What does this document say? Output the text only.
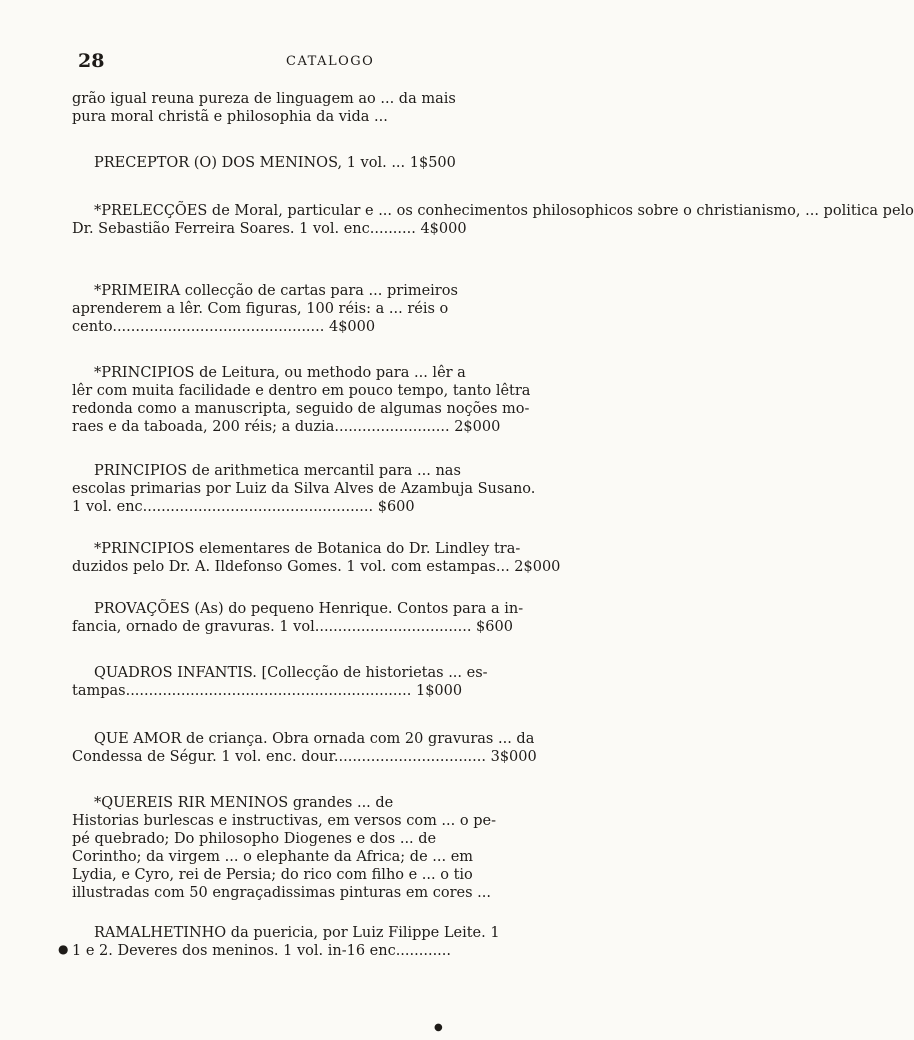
28	CATALOGO
grão igual reuna pureza de linguagem ao ... da mais
pura moral christã e philosophia da vida ...
PRECEPTOR (O) DOS MENINOS, 1 vol. ... 1$500
*PRELECÇÕES de Moral, particular e ... os conhecimentos philosophicos sobre o christianismo, ... politica pelo
Dr. Sebastião Ferreira Soares. 1 vol. enc.......... 4$000
*PRIMEIRA collecção de cartas para ... primeiros
aprenderem a lêr. Com figuras, 100 réis: a ... réis o
cento.............................................. 4$000
*PRINCIPIOS de Leitura, ou methodo para ... lêr a
lêr com muita facilidade e dentro em pouco tempo, tanto lêtra
redonda como a manuscripta, seguido de algumas noções mo-
raes e da taboada, 200 réis; a duzia......................... 2$000
PRINCIPIOS de arithmetica mercantil para ... nas
escolas primarias por Luiz da Silva Alves de Azambuja Susano.
1 vol. enc.................................................. $600
*PRINCIPIOS elementares de Botanica do Dr. Lindley tra-
duzidos pelo Dr. A. Ildefonso Gomes. 1 vol. com estampas... 2$000
PROVAÇÕES (As) do pequeno Henrique. Contos para a in-
fancia, ornado de gravuras. 1 vol.................................. $600
QUADROS INFANTIS. [Collecção de historietas ... es-
tampas.............................................................. 1$000
QUE AMOR de criança. Obra ornada com 20 gravuras ... da
Condessa de Ségur. 1 vol. enc. dour................................. 3$000
*QUEREIS RIR MENINOS grandes ... de
Historias burlescas e instructivas, em versos com ... o pe-
pé quebrado; Do philosopho Diogenes e dos ... de
Corintho; da virgem ... o elephante da Africa; de ... em
Lydia, e Cyro, rei de Persia; do rico com filho e ... o tio
illustradas com 50 engraçadissimas pinturas em cores ...
RAMALHETINHO da puericia, por Luiz Filippe Leite. 1
1 e 2. Deveres dos meninos. 1 vol. in-16 enc............
●
●
